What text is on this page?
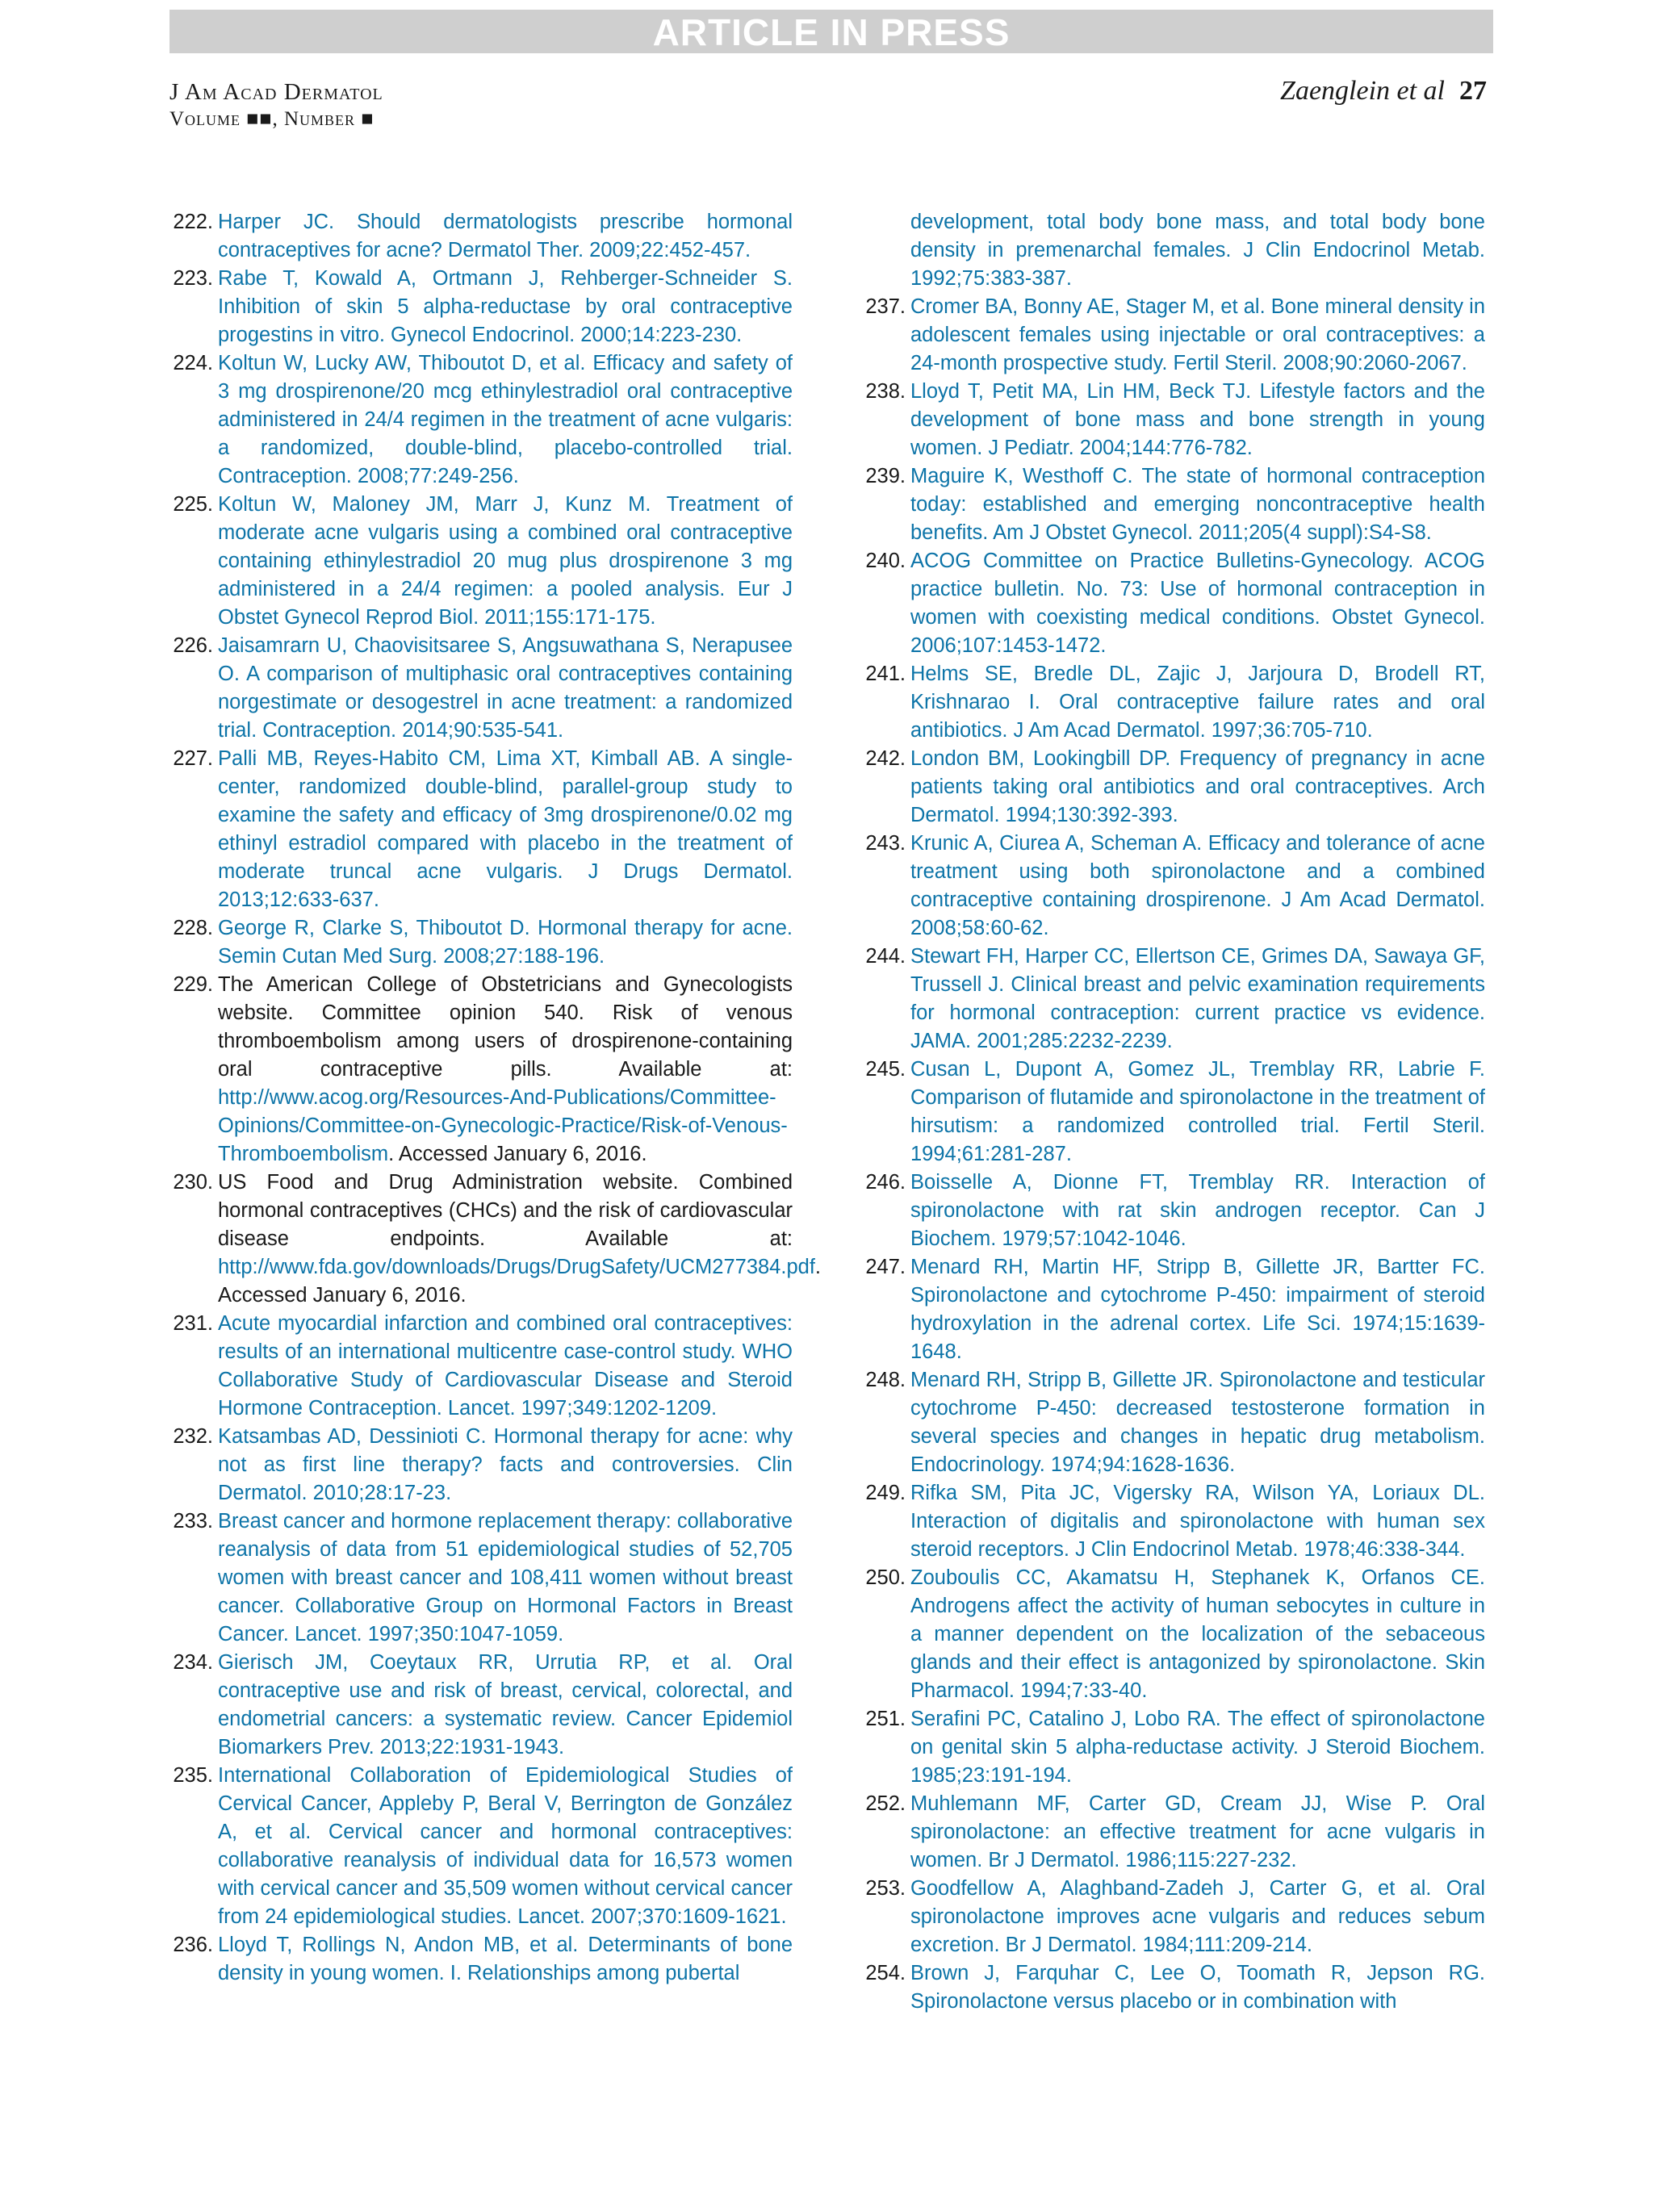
ARTICLE IN PRESS
J Am Acad Dermatol
Volume ■■, Number ■
Zaenglein et al 27

222. Harper JC. Should dermatologists prescribe hormonal contraceptives for acne? Dermatol Ther. 2009;22:452-457.

223. Rabe T, Kowald A, Ortmann J, Rehberger-Schneider S. Inhibition of skin 5 alpha-reductase by oral contraceptive progestins in vitro. Gynecol Endocrinol. 2000;14:223-230.

224. Koltun W, Lucky AW, Thiboutot D, et al. Efficacy and safety of 3 mg drospirenone/20 mcg ethinylestradiol oral contraceptive administered in 24/4 regimen in the treatment of acne vulgaris: a randomized, double-blind, placebo-controlled trial. Contraception. 2008;77:249-256.

225. Koltun W, Maloney JM, Marr J, Kunz M. Treatment of moderate acne vulgaris using a combined oral contraceptive containing ethinylestradiol 20 mug plus drospirenone 3 mg administered in a 24/4 regimen: a pooled analysis. Eur J Obstet Gynecol Reprod Biol. 2011;155:171-175.

226. Jaisamrarn U, Chaovisitsaree S, Angsuwathana S, Nerapusee O. A comparison of multiphasic oral contraceptives containing norgestimate or desogestrel in acne treatment: a randomized trial. Contraception. 2014;90:535-541.

227. Palli MB, Reyes-Habito CM, Lima XT, Kimball AB. A single-center, randomized double-blind, parallel-group study to examine the safety and efficacy of 3mg drospirenone/0.02 mg ethinyl estradiol compared with placebo in the treatment of moderate truncal acne vulgaris. J Drugs Dermatol. 2013;12:633-637.

228. George R, Clarke S, Thiboutot D. Hormonal therapy for acne. Semin Cutan Med Surg. 2008;27:188-196.

229. The American College of Obstetricians and Gynecologists website. Committee opinion 540. Risk of venous thromboembolism among users of drospirenone-containing oral contraceptive pills. Available at: http://www.acog.org/Resources-And-Publications/Committee-Opinions/Committee-on-Gynecologic-Practice/Risk-of-Venous-Thromboembolism. Accessed January 6, 2016.

230. US Food and Drug Administration website. Combined hormonal contraceptives (CHCs) and the risk of cardiovascular disease endpoints. Available at: http://www.fda.gov/downloads/Drugs/DrugSafety/UCM277384.pdf. Accessed January 6, 2016.

231. Acute myocardial infarction and combined oral contraceptives: results of an international multicentre case-control study. WHO Collaborative Study of Cardiovascular Disease and Steroid Hormone Contraception. Lancet. 1997;349:1202-1209.

232. Katsambas AD, Dessinioti C. Hormonal therapy for acne: why not as first line therapy? facts and controversies. Clin Dermatol. 2010;28:17-23.

233. Breast cancer and hormone replacement therapy: collaborative reanalysis of data from 51 epidemiological studies of 52,705 women with breast cancer and 108,411 women without breast cancer. Collaborative Group on Hormonal Factors in Breast Cancer. Lancet. 1997;350:1047-1059.

234. Gierisch JM, Coeytaux RR, Urrutia RP, et al. Oral contraceptive use and risk of breast, cervical, colorectal, and endometrial cancers: a systematic review. Cancer Epidemiol Biomarkers Prev. 2013;22:1931-1943.

235. International Collaboration of Epidemiological Studies of Cervical Cancer, Appleby P, Beral V, Berrington de González A, et al. Cervical cancer and hormonal contraceptives: collaborative reanalysis of individual data for 16,573 women with cervical cancer and 35,509 women without cervical cancer from 24 epidemiological studies. Lancet. 2007;370:1609-1621.

236. Lloyd T, Rollings N, Andon MB, et al. Determinants of bone density in young women. I. Relationships among pubertal

development, total body bone mass, and total body bone density in premenarchal females. J Clin Endocrinol Metab. 1992;75:383-387.

237. Cromer BA, Bonny AE, Stager M, et al. Bone mineral density in adolescent females using injectable or oral contraceptives: a 24-month prospective study. Fertil Steril. 2008;90:2060-2067.

238. Lloyd T, Petit MA, Lin HM, Beck TJ. Lifestyle factors and the development of bone mass and bone strength in young women. J Pediatr. 2004;144:776-782.

239. Maguire K, Westhoff C. The state of hormonal contraception today: established and emerging noncontraceptive health benefits. Am J Obstet Gynecol. 2011;205(4 suppl):S4-S8.

240. ACOG Committee on Practice Bulletins-Gynecology. ACOG practice bulletin. No. 73: Use of hormonal contraception in women with coexisting medical conditions. Obstet Gynecol. 2006;107:1453-1472.

241. Helms SE, Bredle DL, Zajic J, Jarjoura D, Brodell RT, Krishnarao I. Oral contraceptive failure rates and oral antibiotics. J Am Acad Dermatol. 1997;36:705-710.

242. London BM, Lookingbill DP. Frequency of pregnancy in acne patients taking oral antibiotics and oral contraceptives. Arch Dermatol. 1994;130:392-393.

243. Krunic A, Ciurea A, Scheman A. Efficacy and tolerance of acne treatment using both spironolactone and a combined contraceptive containing drospirenone. J Am Acad Dermatol. 2008;58:60-62.

244. Stewart FH, Harper CC, Ellertson CE, Grimes DA, Sawaya GF, Trussell J. Clinical breast and pelvic examination requirements for hormonal contraception: current practice vs evidence. JAMA. 2001;285:2232-2239.

245. Cusan L, Dupont A, Gomez JL, Tremblay RR, Labrie F. Comparison of flutamide and spironolactone in the treatment of hirsutism: a randomized controlled trial. Fertil Steril. 1994;61:281-287.

246. Boisselle A, Dionne FT, Tremblay RR. Interaction of spironolactone with rat skin androgen receptor. Can J Biochem. 1979;57:1042-1046.

247. Menard RH, Martin HF, Stripp B, Gillette JR, Bartter FC. Spironolactone and cytochrome P-450: impairment of steroid hydroxylation in the adrenal cortex. Life Sci. 1974;15:1639-1648.

248. Menard RH, Stripp B, Gillette JR. Spironolactone and testicular cytochrome P-450: decreased testosterone formation in several species and changes in hepatic drug metabolism. Endocrinology. 1974;94:1628-1636.

249. Rifka SM, Pita JC, Vigersky RA, Wilson YA, Loriaux DL. Interaction of digitalis and spironolactone with human sex steroid receptors. J Clin Endocrinol Metab. 1978;46:338-344.

250. Zouboulis CC, Akamatsu H, Stephanek K, Orfanos CE. Androgens affect the activity of human sebocytes in culture in a manner dependent on the localization of the sebaceous glands and their effect is antagonized by spironolactone. Skin Pharmacol. 1994;7:33-40.

251. Serafini PC, Catalino J, Lobo RA. The effect of spironolactone on genital skin 5 alpha-reductase activity. J Steroid Biochem. 1985;23:191-194.

252. Muhlemann MF, Carter GD, Cream JJ, Wise P. Oral spironolactone: an effective treatment for acne vulgaris in women. Br J Dermatol. 1986;115:227-232.

253. Goodfellow A, Alaghband-Zadeh J, Carter G, et al. Oral spironolactone improves acne vulgaris and reduces sebum excretion. Br J Dermatol. 1984;111:209-214.

254. Brown J, Farquhar C, Lee O, Toomath R, Jepson RG. Spironolactone versus placebo or in combination with
